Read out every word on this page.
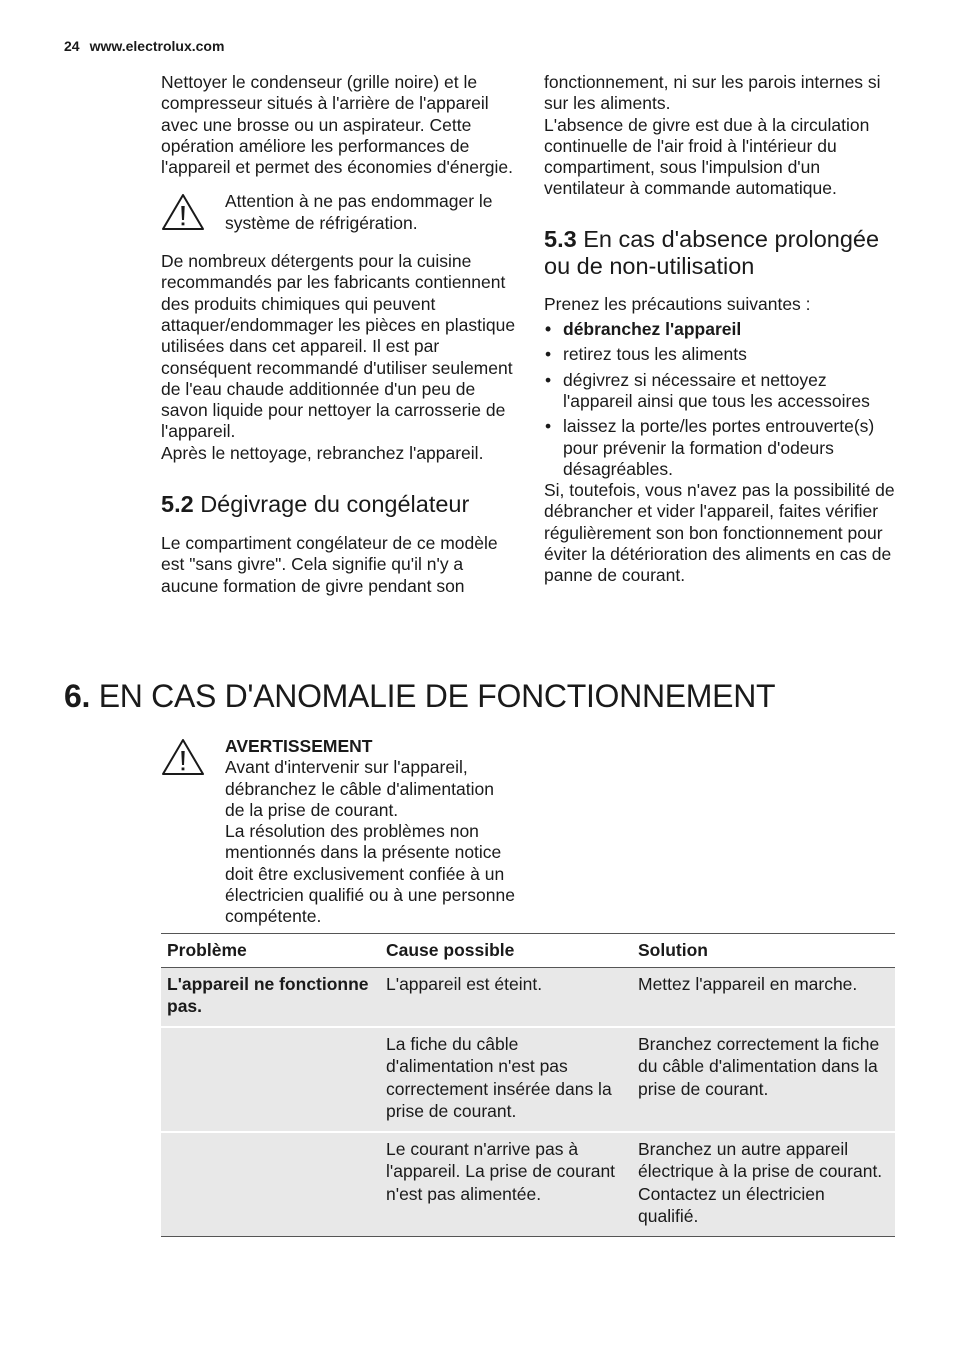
24 www.electrolux.com

Nettoyer le condenseur (grille noire) et le compresseur situés à l'arrière de l'appareil avec une brosse ou un aspirateur. Cette opération améliore les performances de l'appareil et permet des économies d'énergie.

Attention à ne pas endommager le système de réfrigération.

De nombreux détergents pour la cuisine recommandés par les fabricants contiennent des produits chimiques qui peuvent attaquer/endommager les pièces en plastique utilisées dans cet appareil. Il est par conséquent recommandé d'utiliser seulement de l'eau chaude additionnée d'un peu de savon liquide pour nettoyer la carrosserie de l'appareil.

Après le nettoyage, rebranchez l'appareil.

5.2 Dégivrage du congélateur

Le compartiment congélateur de ce modèle est "sans givre". Cela signifie qu'il n'y a aucune formation de givre pendant son

fonctionnement, ni sur les parois internes si sur les aliments.

L'absence de givre est due à la circulation continuelle de l'air froid à l'intérieur du compartiment, sous l'impulsion d'un ventilateur à commande automatique.

5.3 En cas d'absence prolongée ou de non-utilisation

Prenez les précautions suivantes :

• débranchez l'appareil
• retirez tous les aliments
• dégivrez si nécessaire et nettoyez l'appareil ainsi que tous les accessoires
• laissez la porte/les portes entrouverte(s) pour prévenir la formation d'odeurs désagréables.

Si, toutefois, vous n'avez pas la possibilité de débrancher et vider l'appareil, faites vérifier régulièrement son bon fonctionnement pour éviter la détérioration des aliments en cas de panne de courant.

6. EN CAS D'ANOMALIE DE FONCTIONNEMENT

AVERTISSEMENT

Avant d'intervenir sur l'appareil, débranchez le câble d'alimentation de la prise de courant.

La résolution des problèmes non mentionnés dans la présente notice doit être exclusivement confiée à un électricien qualifié ou à une personne compétente.

Problème	Cause possible	Solution
L'appareil ne fonctionne pas.	L'appareil est éteint.	Mettez l'appareil en marche.
	La fiche du câble d'alimentation n'est pas correctement insérée dans la prise de courant.	Branchez correctement la fiche du câble d'alimentation dans la prise de courant.
	Le courant n'arrive pas à l'appareil. La prise de courant n'est pas alimentée.	Branchez un autre appareil électrique à la prise de courant.
Contactez un électricien qualifié.
